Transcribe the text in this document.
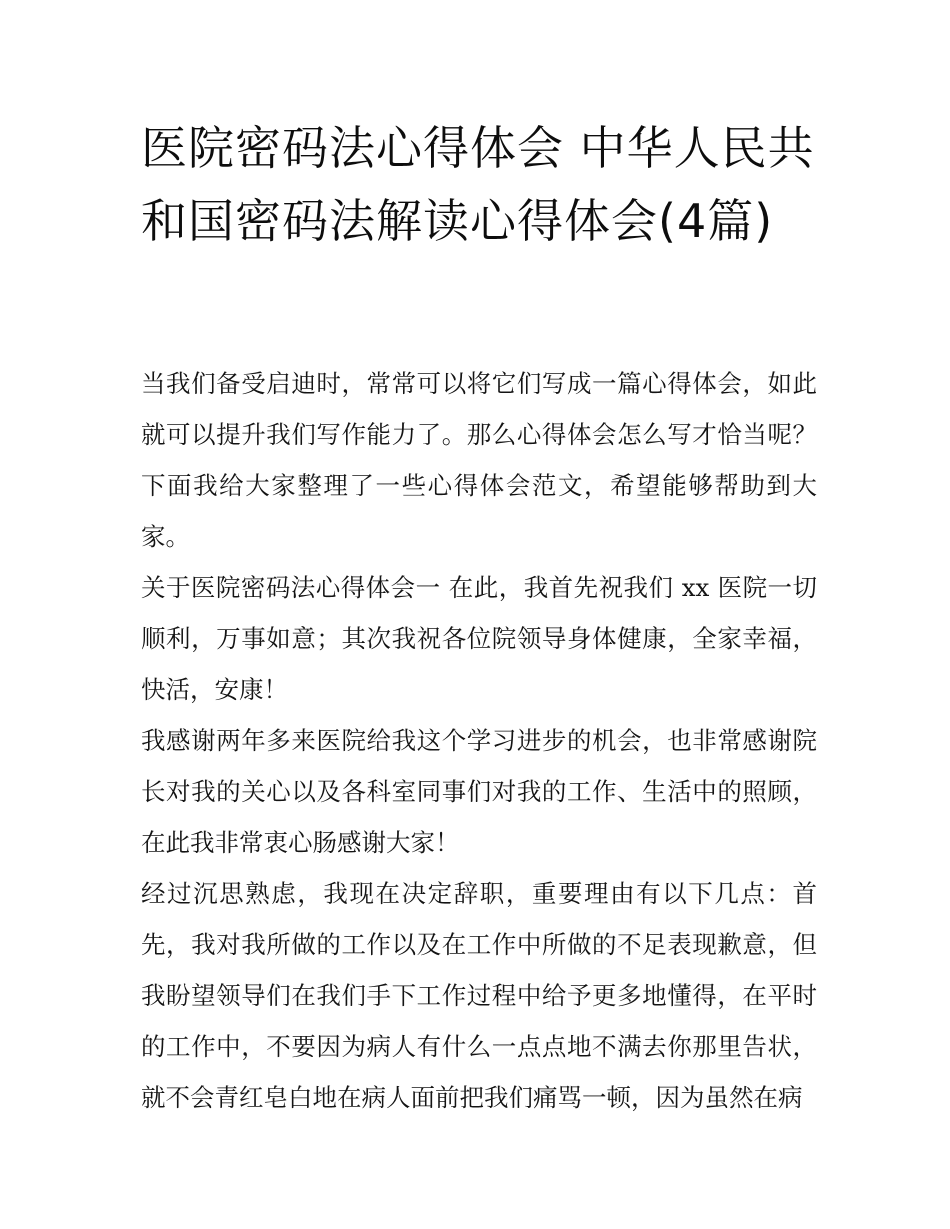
医院密码法心得体会 中华人民共和国密码法解读心得体会(4篇)

当我们备受启迪时，常常可以将它们写成一篇心得体会，如此就可以提升我们写作能力了。那么心得体会怎么写才恰当呢？下面我给大家整理了一些心得体会范文，希望能够帮助到大家。

关于医院密码法心得体会一 在此，我首先祝我们 xx 医院一切顺利，万事如意；其次我祝各位院领导身体健康，全家幸福，快活，安康！

我感谢两年多来医院给我这个学习进步的机会，也非常感谢院长对我的关心以及各科室同事们对我的工作、生活中的照顾，在此我非常衷心肠感谢大家！

经过沉思熟虑，我现在决定辞职，重要理由有以下几点：首先，我对我所做的工作以及在工作中所做的不足表现歉意，但我盼望领导们在我们手下工作过程中给予更多地懂得，在平时的工作中，不要因为病人有什么一点点地不满去你那里告状，就不会青红皂白地在病人面前把我们痛骂一顿，因为虽然在病
